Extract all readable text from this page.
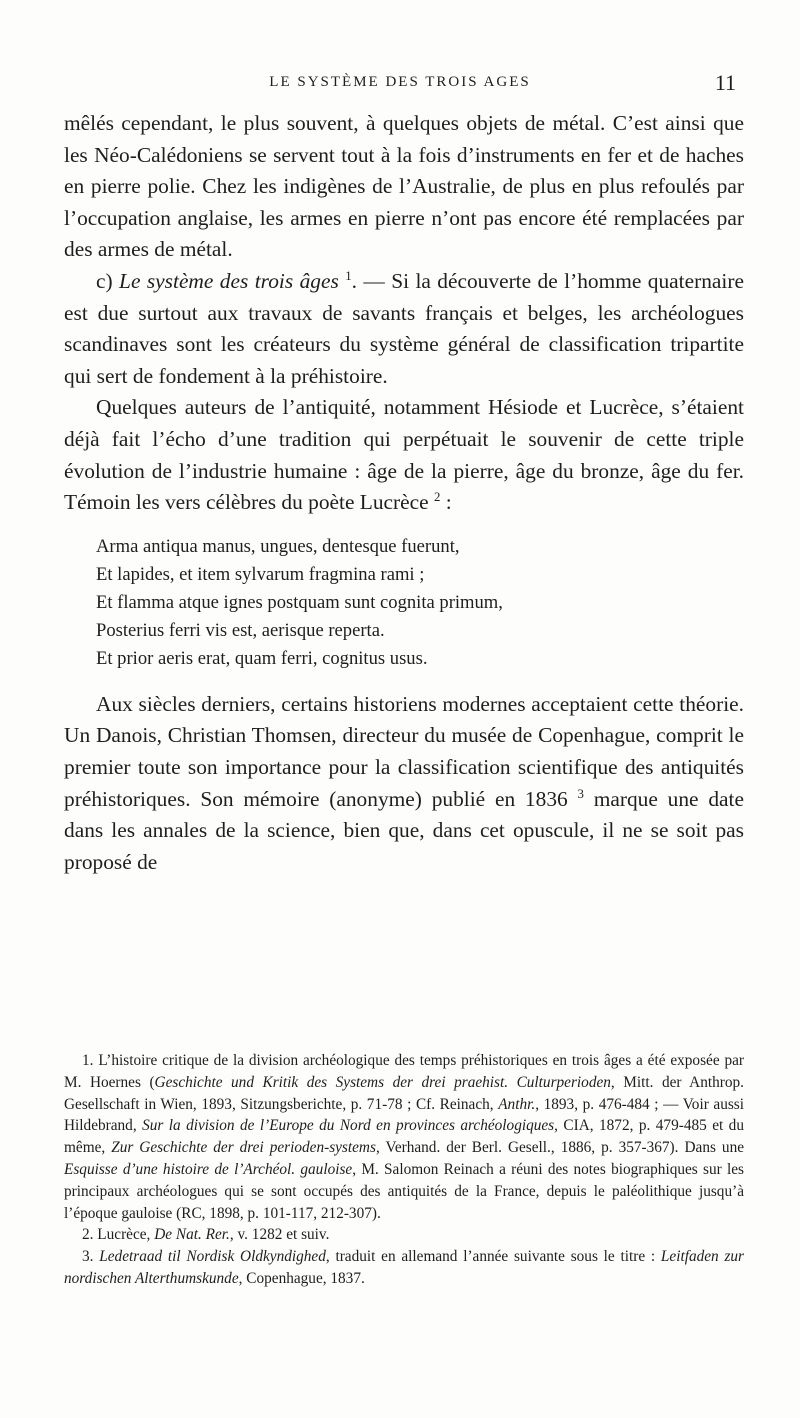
LE SYSTÈME DES TROIS AGES	11

mêlés cependant, le plus souvent, à quelques objets de métal. C’est ainsi que les Néo-Calédoniens se servent tout à la fois d’instruments en fer et de haches en pierre polie. Chez les indigènes de l’Australie, de plus en plus refoulés par l’occupation anglaise, les armes en pierre n’ont pas encore été remplacées par des armes de métal.

c) Le système des trois âges $^1$. — Si la découverte de l’homme quaternaire est due surtout aux travaux de savants français et belges, les archéologues scandinaves sont les créateurs du système général de classification tripartite qui sert de fondement à la préhistoire.

Quelques auteurs de l’antiquité, notamment Hésiode et Lucrèce, s’étaient déjà fait l’écho d’une tradition qui perpétuait le souvenir de cette triple évolution de l’industrie humaine : âge de la pierre, âge du bronze, âge du fer. Témoin les vers célèbres du poète Lucrèce $^2$ :

Arma antiqua manus, ungues, dentesque fuerunt,
Et lapides, et item sylvarum fragmina rami ;
Et flamma atque ignes postquam sunt cognita primum,
Posterius ferri vis est, aerisque reperta.
Et prior aeris erat, quam ferri, cognitus usus.

Aux siècles derniers, certains historiens modernes acceptaient cette théorie. Un Danois, Christian Thomsen, directeur du musée de Copenhague, comprit le premier toute son importance pour la classification scientifique des antiquités préhistoriques. Son mémoire (anonyme) publié en 1836 $^3$ marque une date dans les annales de la science, bien que, dans cet opuscule, il ne se soit pas proposé de

1. L’histoire critique de la division archéologique des temps préhistoriques en trois âges a été exposée par M. Hoernes (Geschichte und Kritik des Systems der drei praehist. Culturperioden, Mitt. der Anthrop. Gesellschaft in Wien, 1893, Sitzungsberichte, p. 71-78 ; Cf. Reinach, Anthr., 1893, p. 476-484 ; — Voir aussi Hildebrand, Sur la division de l’Europe du Nord en provinces archéologiques, CIA, 1872, p. 479-485 et du même, Zur Geschichte der drei perioden-systems, Verhand. der Berl. Gesell., 1886, p. 357-367). Dans une Esquisse d’une histoire de l’Archéol. gauloise, M. Salomon Reinach a réuni des notes biographiques sur les principaux archéologues qui se sont occupés des antiquités de la France, depuis le paléolithique jusqu’à l’époque gauloise (RC, 1898, p. 101-117, 212-307).

2. Lucrèce, De Nat. Rer., v. 1282 et suiv.

3. Ledetraad til Nordisk Oldkyndighed, traduit en allemand l’année suivante sous le titre : Leitfaden zur nordischen Alterthumskunde, Copenhague, 1837.
